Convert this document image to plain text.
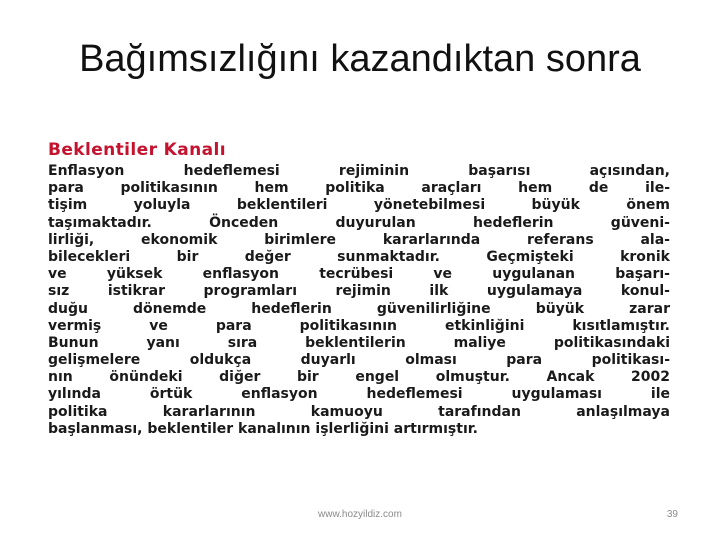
Bağımsızlığını kazandıktan sonra
Beklentiler Kanalı
Enflasyon hedeflemesi rejiminin başarısı açısından,
para politikasının hem politika araçları hem de ile-
tişim yoluyla beklentileri yönetebilmesi büyük önem
taşımaktadır. Önceden duyurulan hedeflerin güveni-
lirliği, ekonomik birimlere kararlarında referans ala-
bilecekleri bir değer sunmaktadır. Geçmişteki kronik
ve yüksek enflasyon tecrübesi ve uygulanan başarı-
sız istikrar programları rejimin ilk uygulamaya konul-
duğu dönemde hedeflerin güvenilirliğine büyük zarar
vermiş ve para politikasının etkinliğini kısıtlamıştır.
Bunun yanı sıra beklentilerin maliye politikasındaki
gelişmelere oldukça duyarlı olması para politikası-
nın önündeki diğer bir engel olmuştur. Ancak 2002
yılında örtük enflasyon hedeflemesi uygulaması ile
politika kararlarının kamuoyu tarafından anlaşılmaya
başlanması, beklentiler kanalının işlerliğini artırmıştır.
www.hozyildiz.com	39
